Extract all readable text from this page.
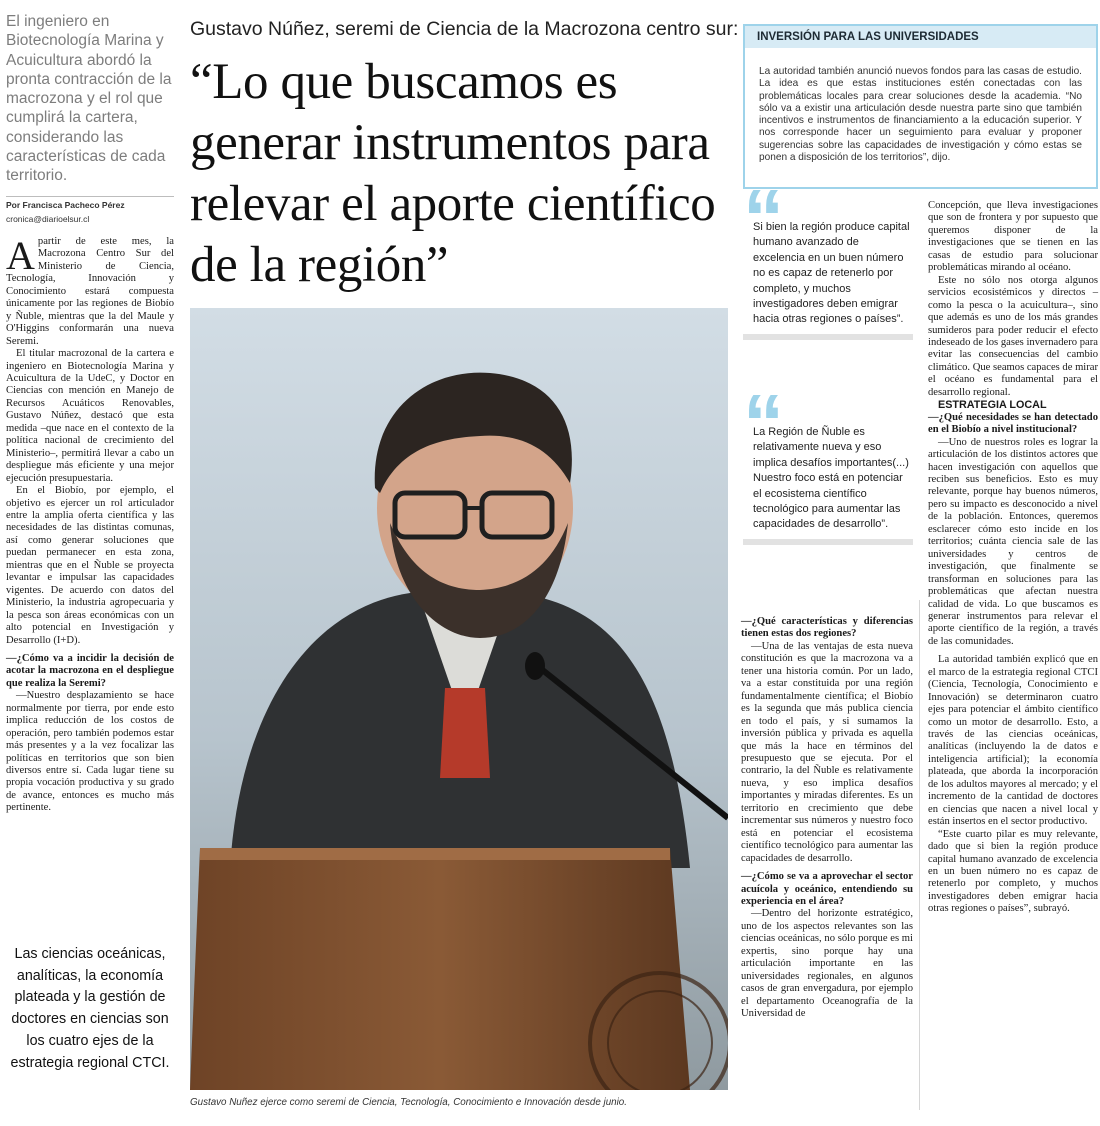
El ingeniero en Biotecnología Marina y Acuicultura abordó la pronta contracción de la macrozona y el rol que cumplirá la cartera, considerando las características de cada territorio.

Por Francisca Pacheco Pérez
cronica@diarioelsur.cl

Apartir de este mes, la Macrozona Centro Sur del Ministerio de Ciencia, Tecnología, Innovación y Conocimiento estará compuesta únicamente por las regiones de Biobío y Ñuble, mientras que la del Maule y O'Higgins conformarán una nueva Seremi.

El titular macrozonal de la cartera e ingeniero en Biotecnología Marina y Acuicultura de la UdeC, y Doctor en Ciencias con mención en Manejo de Recursos Acuáticos Renovables, Gustavo Núñez, destacó que esta medida –que nace en el contexto de la política nacional de crecimiento del Ministerio–, permitirá llevar a cabo un despliegue más eficiente y una mejor ejecución presupuestaria.

En el Biobío, por ejemplo, el objetivo es ejercer un rol articulador entre la amplia oferta científica y las necesidades de las distintas comunas, así como generar soluciones que puedan permanecer en esta zona, mientras que en el Ñuble se proyecta levantar e impulsar las capacidades vigentes. De acuerdo con datos del Ministerio, la industria agropecuaria y la pesca son áreas económicas con un alto potencial en Investigación y Desarrollo (I+D).

—¿Cómo va a incidir la decisión de acotar la macrozona en el despliegue que realiza la Seremi?

—Nuestro desplazamiento se hace normalmente por tierra, por ende esto implica reducción de los costos de operación, pero también podemos estar más presentes y a la vez focalizar las políticas en territorios que son bien diversos entre sí. Cada lugar tiene su propia vocación productiva y su grado de avance, entonces es mucho más pertinente.

Las ciencias oceánicas, analíticas, la economía plateada y la gestión de doctores en ciencias son los cuatro ejes de la estrategia regional CTCI.

Gustavo Núñez, seremi de Ciencia de la Macrozona centro sur:

“Lo que buscamos es generar instrumentos para relevar el aporte científico de la región”

Gustavo Nuñez ejerce como seremi de Ciencia, Tecnología, Conocimiento e Innovación desde junio.

INVERSIÓN PARA LAS UNIVERSIDADES

La autoridad también anunció nuevos fondos para las casas de estudio. La idea es que estas instituciones estén conectadas con las problemáticas locales para crear soluciones desde la academia. “No sólo va a existir una articulación desde nuestra parte sino que también incentivos e instrumentos de financiamiento a la educación superior. Y nos corresponde hacer un seguimiento para evaluar y proponer sugerencias sobre las capacidades de investigación y cómo estas se ponen a disposición de los territorios”, dijo.

“

Si bien la región produce capital humano avanzado de excelencia en un buen número no es capaz de retenerlo por completo, y muchos investigadores deben emigrar hacia otras regiones o países”.

“

La Región de Ñuble es relativamente nueva y eso implica desafíos importantes(...) Nuestro foco está en potenciar el ecosistema científico tecnológico para aumentar las capacidades de desarrollo”.

—¿Qué características y diferencias tienen estas dos regiones?

—Una de las ventajas de esta nueva constitución es que la macrozona va a tener una historia común. Por un lado, va a estar constituida por una región fundamentalmente científica; el Biobío es la segunda que más publica ciencia en todo el país, y si sumamos la inversión pública y privada es aquella que más la hace en términos del presupuesto que se ejecuta. Por el contrario, la del Ñuble es relativamente nueva, y eso implica desafíos importantes y miradas diferentes. Es un territorio en crecimiento que debe incrementar sus números y nuestro foco está en potenciar el ecosistema científico tecnológico para aumentar las capacidades de desarrollo.

—¿Cómo se va a aprovechar el sector acuícola y oceánico, entendiendo su experiencia en el área?

—Dentro del horizonte estratégico, uno de los aspectos relevantes son las ciencias oceánicas, no sólo porque es mi expertis, sino porque hay una articulación importante en las universidades regionales, en algunos casos de gran envergadura, por ejemplo el departamento Oceanografía de la Universidad de

Concepción, que lleva investigaciones que son de frontera y por supuesto que queremos disponer de la investigaciones que se tienen en las casas de estudio para solucionar problemáticas mirando al océano.

Este no sólo nos otorga algunos servicios ecosistémicos y directos –como la pesca o la acuicultura–, sino que además es uno de los más grandes sumideros para poder reducir el efecto indeseado de los gases invernadero para evitar las consecuencias del cambio climático. Que seamos capaces de mirar el océano es fundamental para el desarrollo regional.

ESTRATEGIA LOCAL

—¿Qué necesidades se han detectado en el Biobío a nivel institucional?

—Uno de nuestros roles es lograr la articulación de los distintos actores que hacen investigación con aquellos que reciben sus beneficios. Esto es muy relevante, porque hay buenos números, pero su impacto es desconocido a nivel de la población. Entonces, queremos esclarecer cómo esto incide en los territorios; cuánta ciencia sale de las universidades y centros de investigación, que finalmente se transforman en soluciones para las problemáticas que afectan nuestra calidad de vida. Lo que buscamos es generar instrumentos para relevar el aporte científico de la región, a través de las comunidades.

La autoridad también explicó que en el marco de la estrategia regional CTCI (Ciencia, Tecnología, Conocimiento e Innovación) se determinaron cuatro ejes para potenciar el ámbito científico como un motor de desarrollo. Esto, a través de las ciencias oceánicas, analíticas (incluyendo la de datos e inteligencia artificial); la economía plateada, que aborda la incorporación de los adultos mayores al mercado; y el incremento de la cantidad de doctores en ciencias que nacen a nivel local y están insertos en el sector productivo.

“Este cuarto pilar es muy relevante, dado que si bien la región produce capital humano avanzado de excelencia en un buen número no es capaz de retenerlo por completo, y muchos investigadores deben emigrar hacia otras regiones o países”, subrayó.
